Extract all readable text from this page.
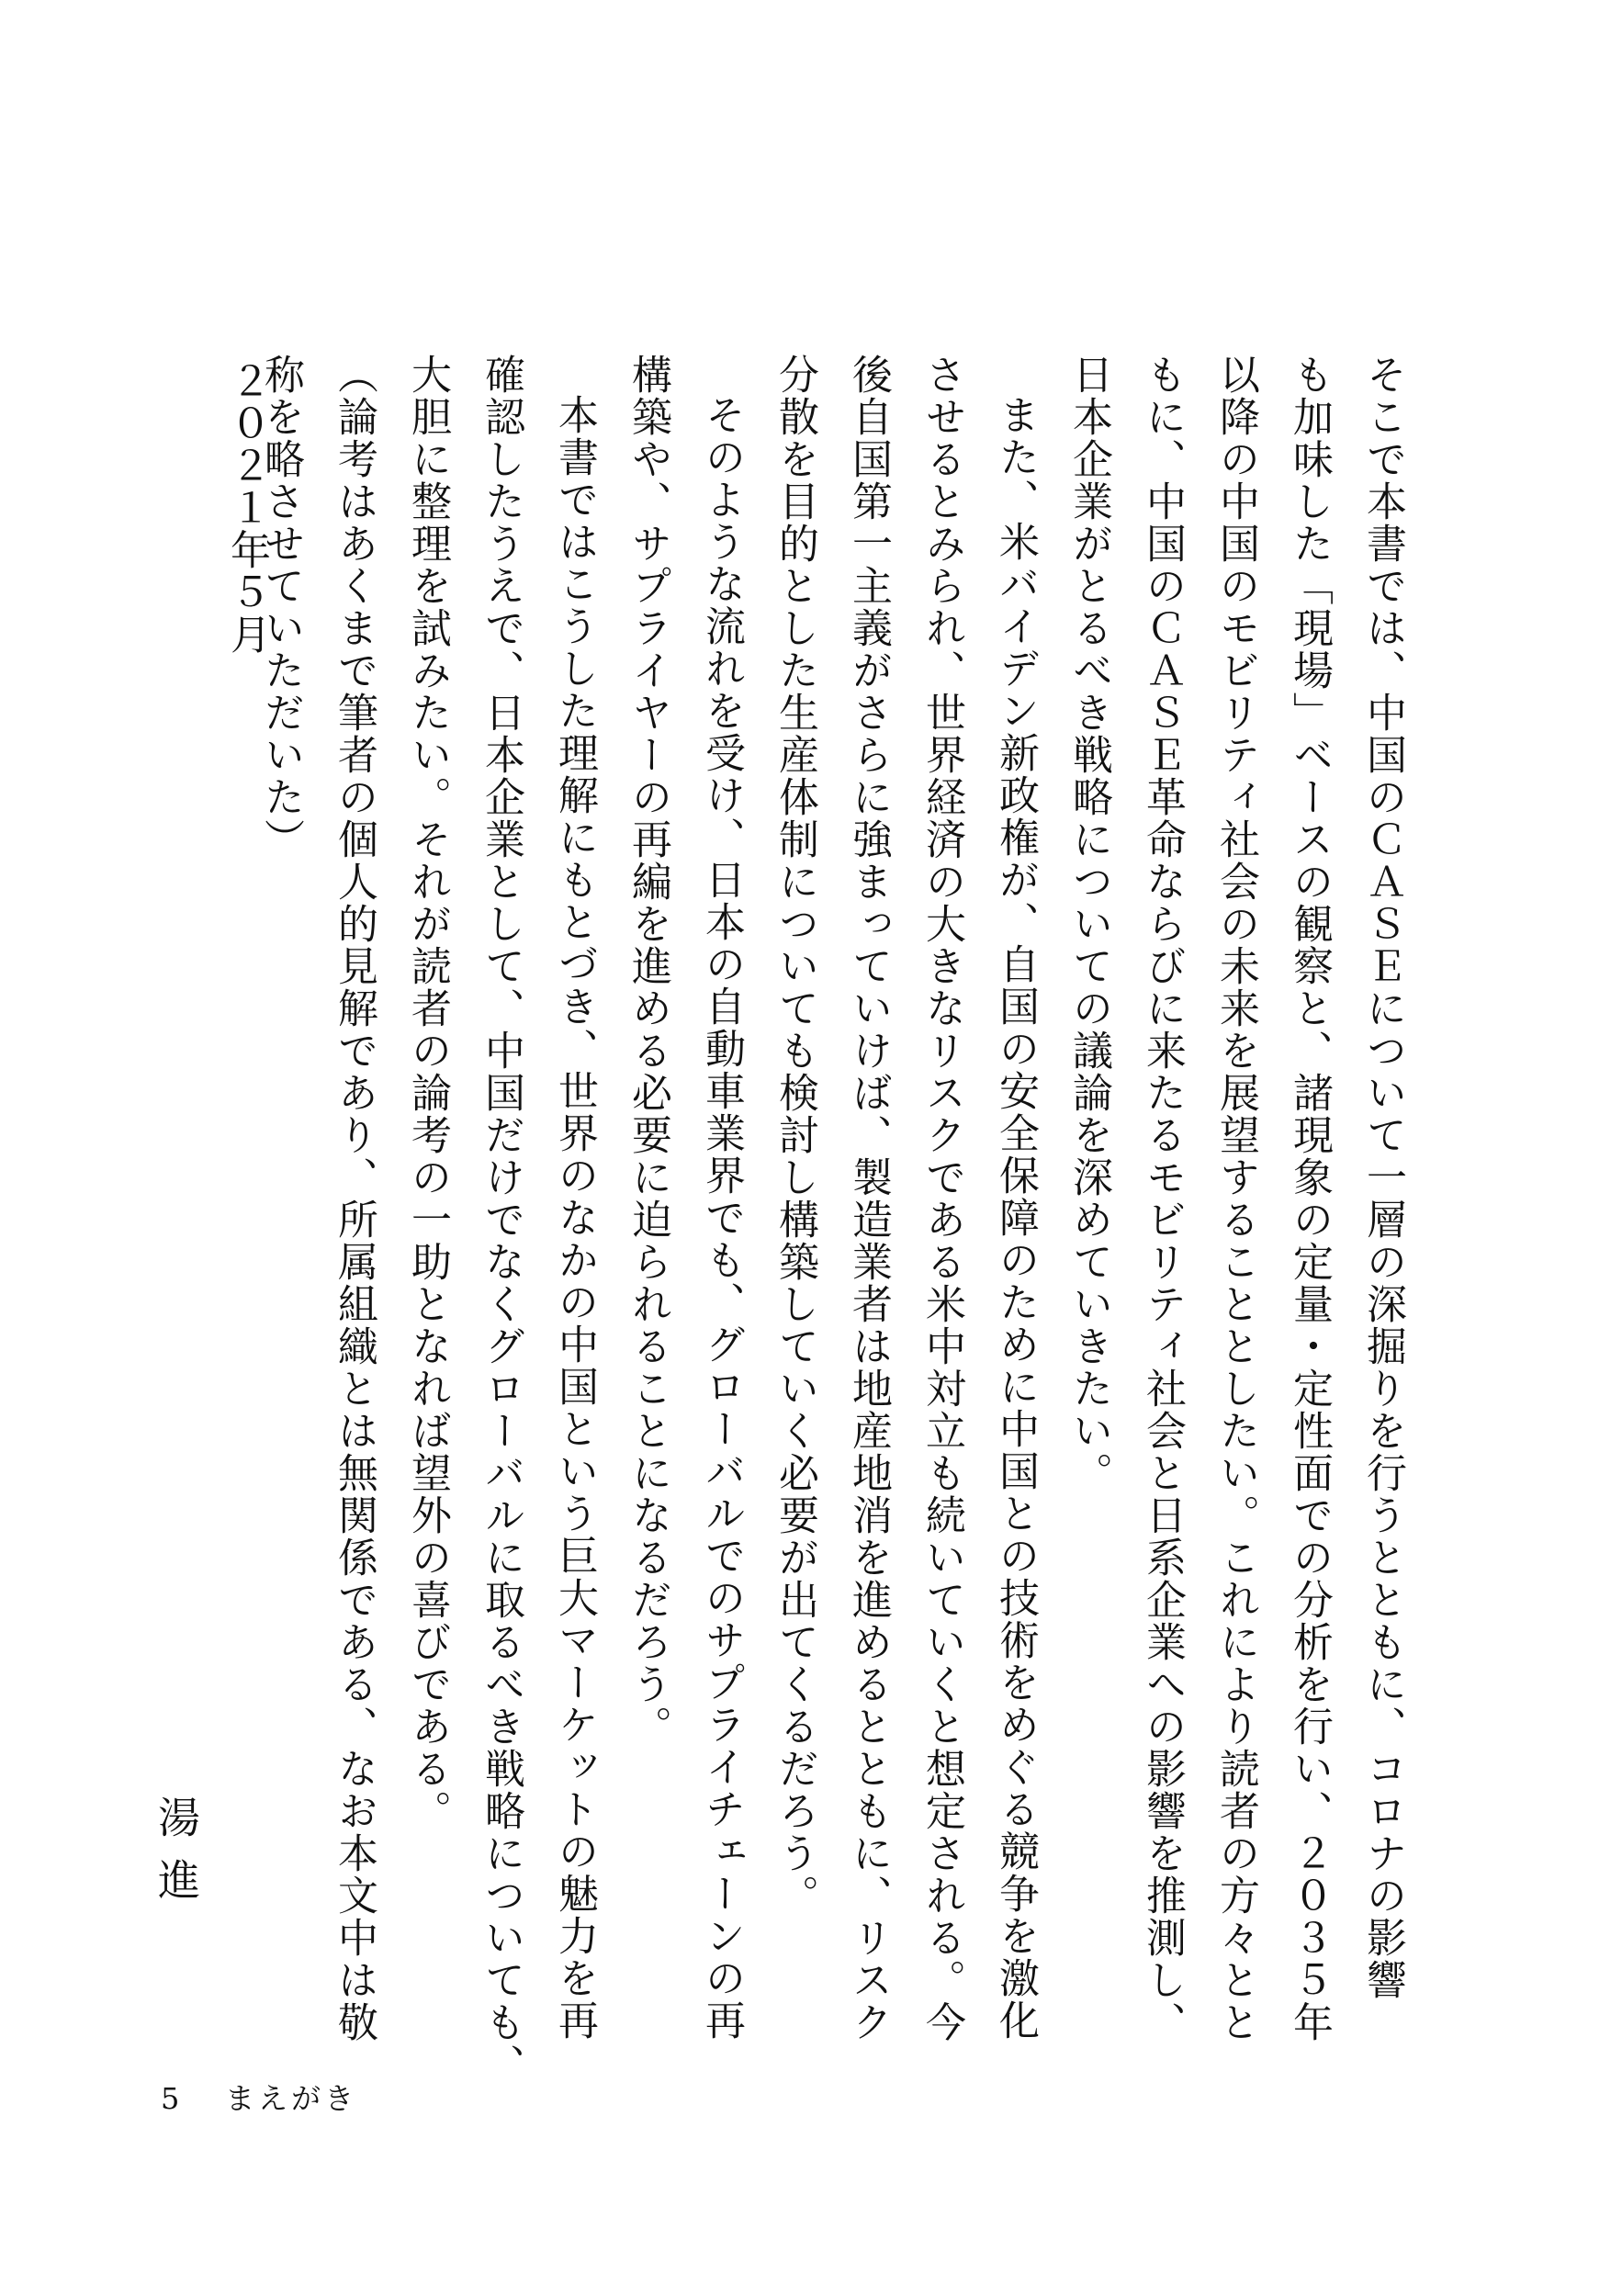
そこで本書では、中国のＣＡＳＥについて一層の深掘りを行うとともに、コロナの影響

も加味した「現場」ベースの観察と、諸現象の定量・定性面での分析を行い、２０３５年

以降の中国のモビリティ社会の未来を展望することとしたい。これにより読者の方々とと

もに、中国のＣＡＳＥ革命ならびに来たるモビリティ社会と日系企業への影響を推測し、

日本企業がとるべき戦略についての議論を深めていきたい。

また、米バイデン新政権が、自国の安全保障のために中国との技術をめぐる競争を激化

させるとみられ、世界経済の大きなリスクである米中対立も続いていくと想定される。今

後自国第一主義がさらに強まっていけば、製造業者は地産地消を進めるとともに、リスク

分散を目的とした生産体制についても検討し構築していく必要が出てくるだろう。

そのような流れを受け、日本の自動車業界でも、グローバルでのサプライチェーンの再

構築や、サプライヤーの再編を進める必要に迫られることになるだろう。

本書ではこうした理解にもとづき、世界のなかの中国という巨大マーケットの魅力を再

確認したうえで、日本企業として、中国だけでなくグローバルに取るべき戦略についても、

大胆に整理を試みたい。それが読者の論考の一助となれば望外の喜びである。

（論考はあくまで筆者の個人的見解であり、所属組織とは無関係である、なお本文中は敬

称を略させていただいた）

２０２１年５月
湯進
5 まえがき
